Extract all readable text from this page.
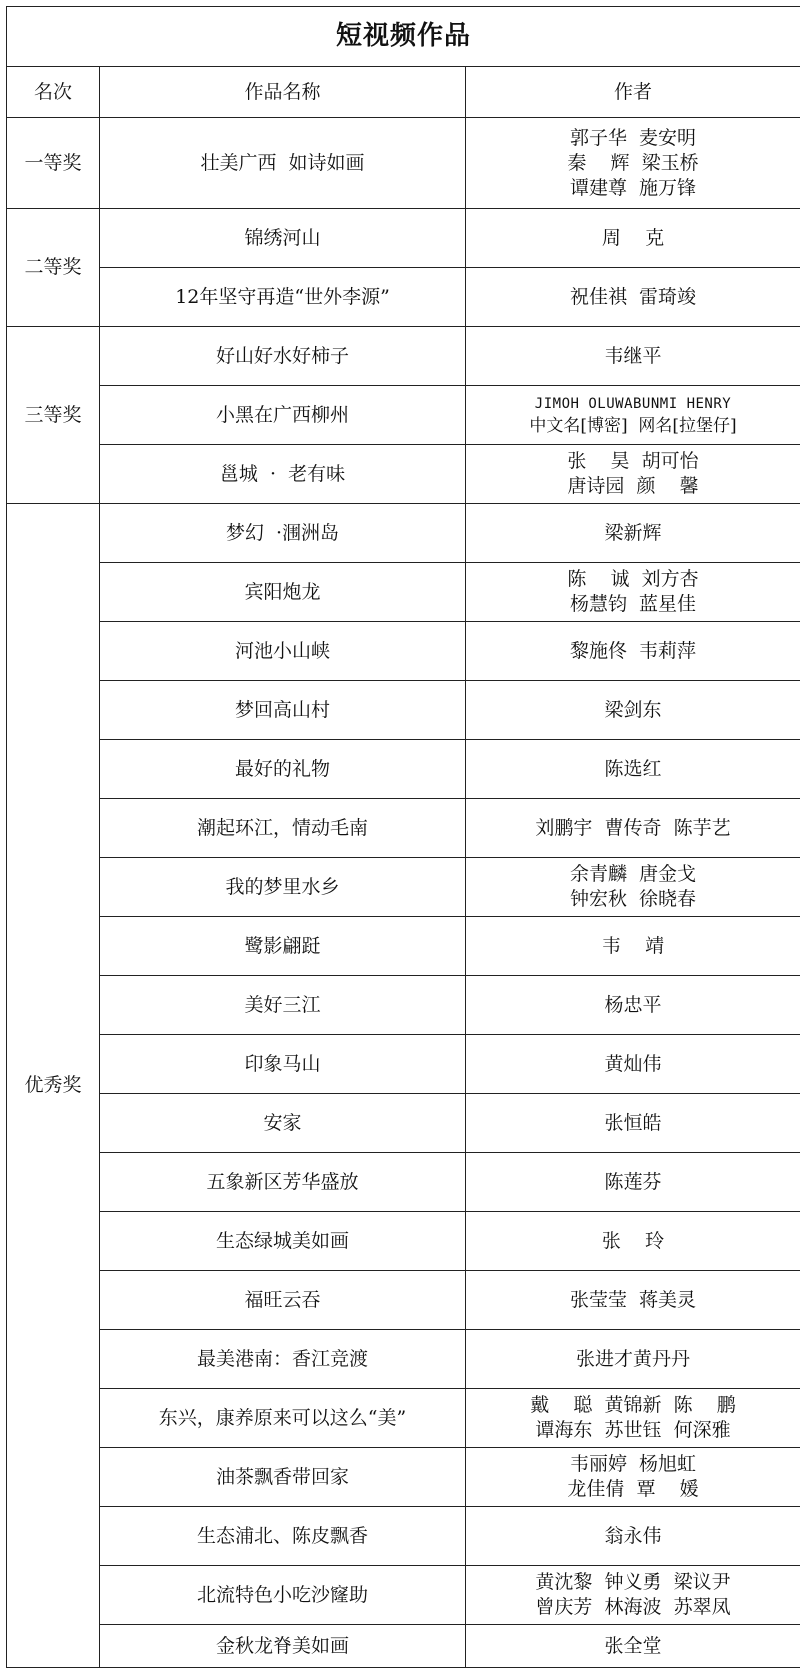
短视频作品		
名次	作品名称	作者
一等奖	壮美广西  如诗如画	郭子华  麦安明
秦    辉  梁玉桥
谭建尊  施万锋

二等奖	锦绣河山	周    克

	12年坚守再造“世外李源”	祝佳祺  雷琦竣

三等奖	好山好水好柿子	韦继平

	小黑在广西柳州	JIMOH OLUWABUNMI HENRY
中文名[博密]  网名[拉堡仔]

	邕城  ·  老有味	张    昊  胡可怡
唐诗园  颜    馨

优秀奖	梦幻  ·涠洲岛	梁新辉

	宾阳炮龙	陈    诚  刘方杏
杨慧钧  蓝星佳

	河池小山峡	黎施佟  韦莉萍

	梦回高山村	梁剑东

	最好的礼物	陈选红

	潮起环江，情动毛南	刘鹏宇  曹传奇  陈芋艺

	我的梦里水乡	余青麟  唐金戈
钟宏秋  徐晓春

	鹭影翩跹	韦    靖

	美好三江	杨忠平

	印象马山	黄灿伟

	安家	张恒皓

	五象新区芳华盛放	陈莲芬

	生态绿城美如画	张    玲

	福旺云吞	张莹莹  蒋美灵

	最美港南：香江竞渡	张进才黄丹丹

	东兴，康养原来可以这么“美”	戴    聪  黄锦新  陈    鹏
谭海东  苏世钰  何深雅

	油茶飘香带回家	韦丽婷  杨旭虹
龙佳倩  覃    媛

	生态浦北、陈皮飘香	翁永伟

	北流特色小吃沙窿助	黄沈黎  钟义勇  梁议尹
曾庆芳  林海波  苏翠凤

	金秋龙脊美如画	张全堂
